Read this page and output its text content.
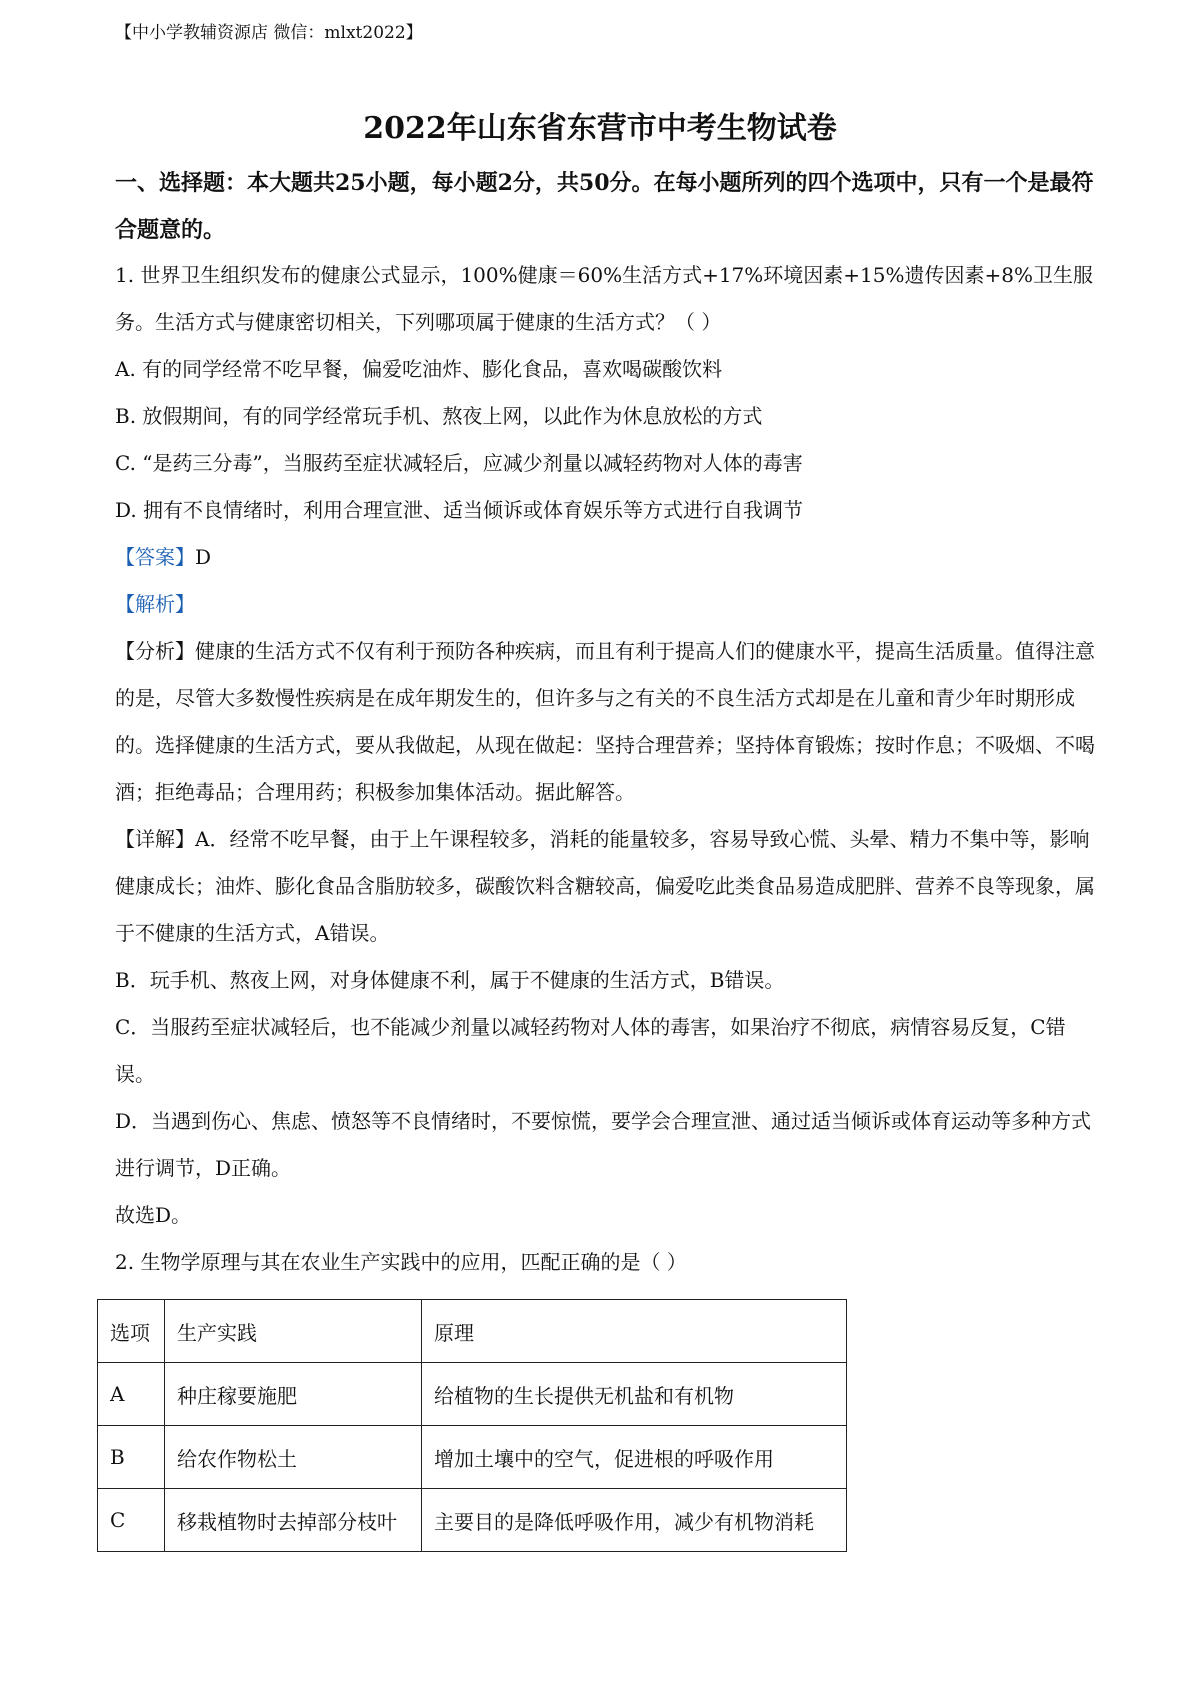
【中小学教辅资源店 微信：mlxt2022】
2022年山东省东营市中考生物试卷
一、选择题：本大题共25小题，每小题2分，共50分。在每小题所列的四个选项中，只有一个是最符合题意的。

1. 世界卫生组织发布的健康公式显示，100%健康＝60%生活方式+17%环境因素+15%遗传因素+8%卫生服务。生活方式与健康密切相关，下列哪项属于健康的生活方式？（ ）

A. 有的同学经常不吃早餐，偏爱吃油炸、膨化食品，喜欢喝碳酸饮料

B. 放假期间，有的同学经常玩手机、熬夜上网，以此作为休息放松的方式

C. “是药三分毒”，当服药至症状减轻后，应减少剂量以减轻药物对人体的毒害

D. 拥有不良情绪时，利用合理宣泄、适当倾诉或体育娱乐等方式进行自我调节

【答案】D

【解析】

【分析】健康的生活方式不仅有利于预防各种疾病，而且有利于提高人们的健康水平，提高生活质量。值得注意的是，尽管大多数慢性疾病是在成年期发生的，但许多与之有关的不良生活方式却是在儿童和青少年时期形成的。选择健康的生活方式，要从我做起，从现在做起：坚持合理营养；坚持体育锻炼；按时作息；不吸烟、不喝酒；拒绝毒品；合理用药；积极参加集体活动。据此解答。

【详解】A．经常不吃早餐，由于上午课程较多，消耗的能量较多，容易导致心慌、头晕、精力不集中等，影响健康成长；油炸、膨化食品含脂肪较多，碳酸饮料含糖较高，偏爱吃此类食品易造成肥胖、营养不良等现象，属于不健康的生活方式，A错误。

B．玩手机、熬夜上网，对身体健康不利，属于不健康的生活方式，B错误。

C．当服药至症状减轻后，也不能减少剂量以减轻药物对人体的毒害，如果治疗不彻底，病情容易反复，C错误。

D．当遇到伤心、焦虑、愤怒等不良情绪时，不要惊慌，要学会合理宣泄、通过适当倾诉或体育运动等多种方式进行调节，D正确。

故选D。

2. 生物学原理与其在农业生产实践中的应用，匹配正确的是（ ）

选项	生产实践	原理
A	种庄稼要施肥	给植物的生长提供无机盐和有机物
B	给农作物松土	增加土壤中的空气，促进根的呼吸作用
C	移栽植物时去掉部分枝叶	主要目的是降低呼吸作用，减少有机物消耗
